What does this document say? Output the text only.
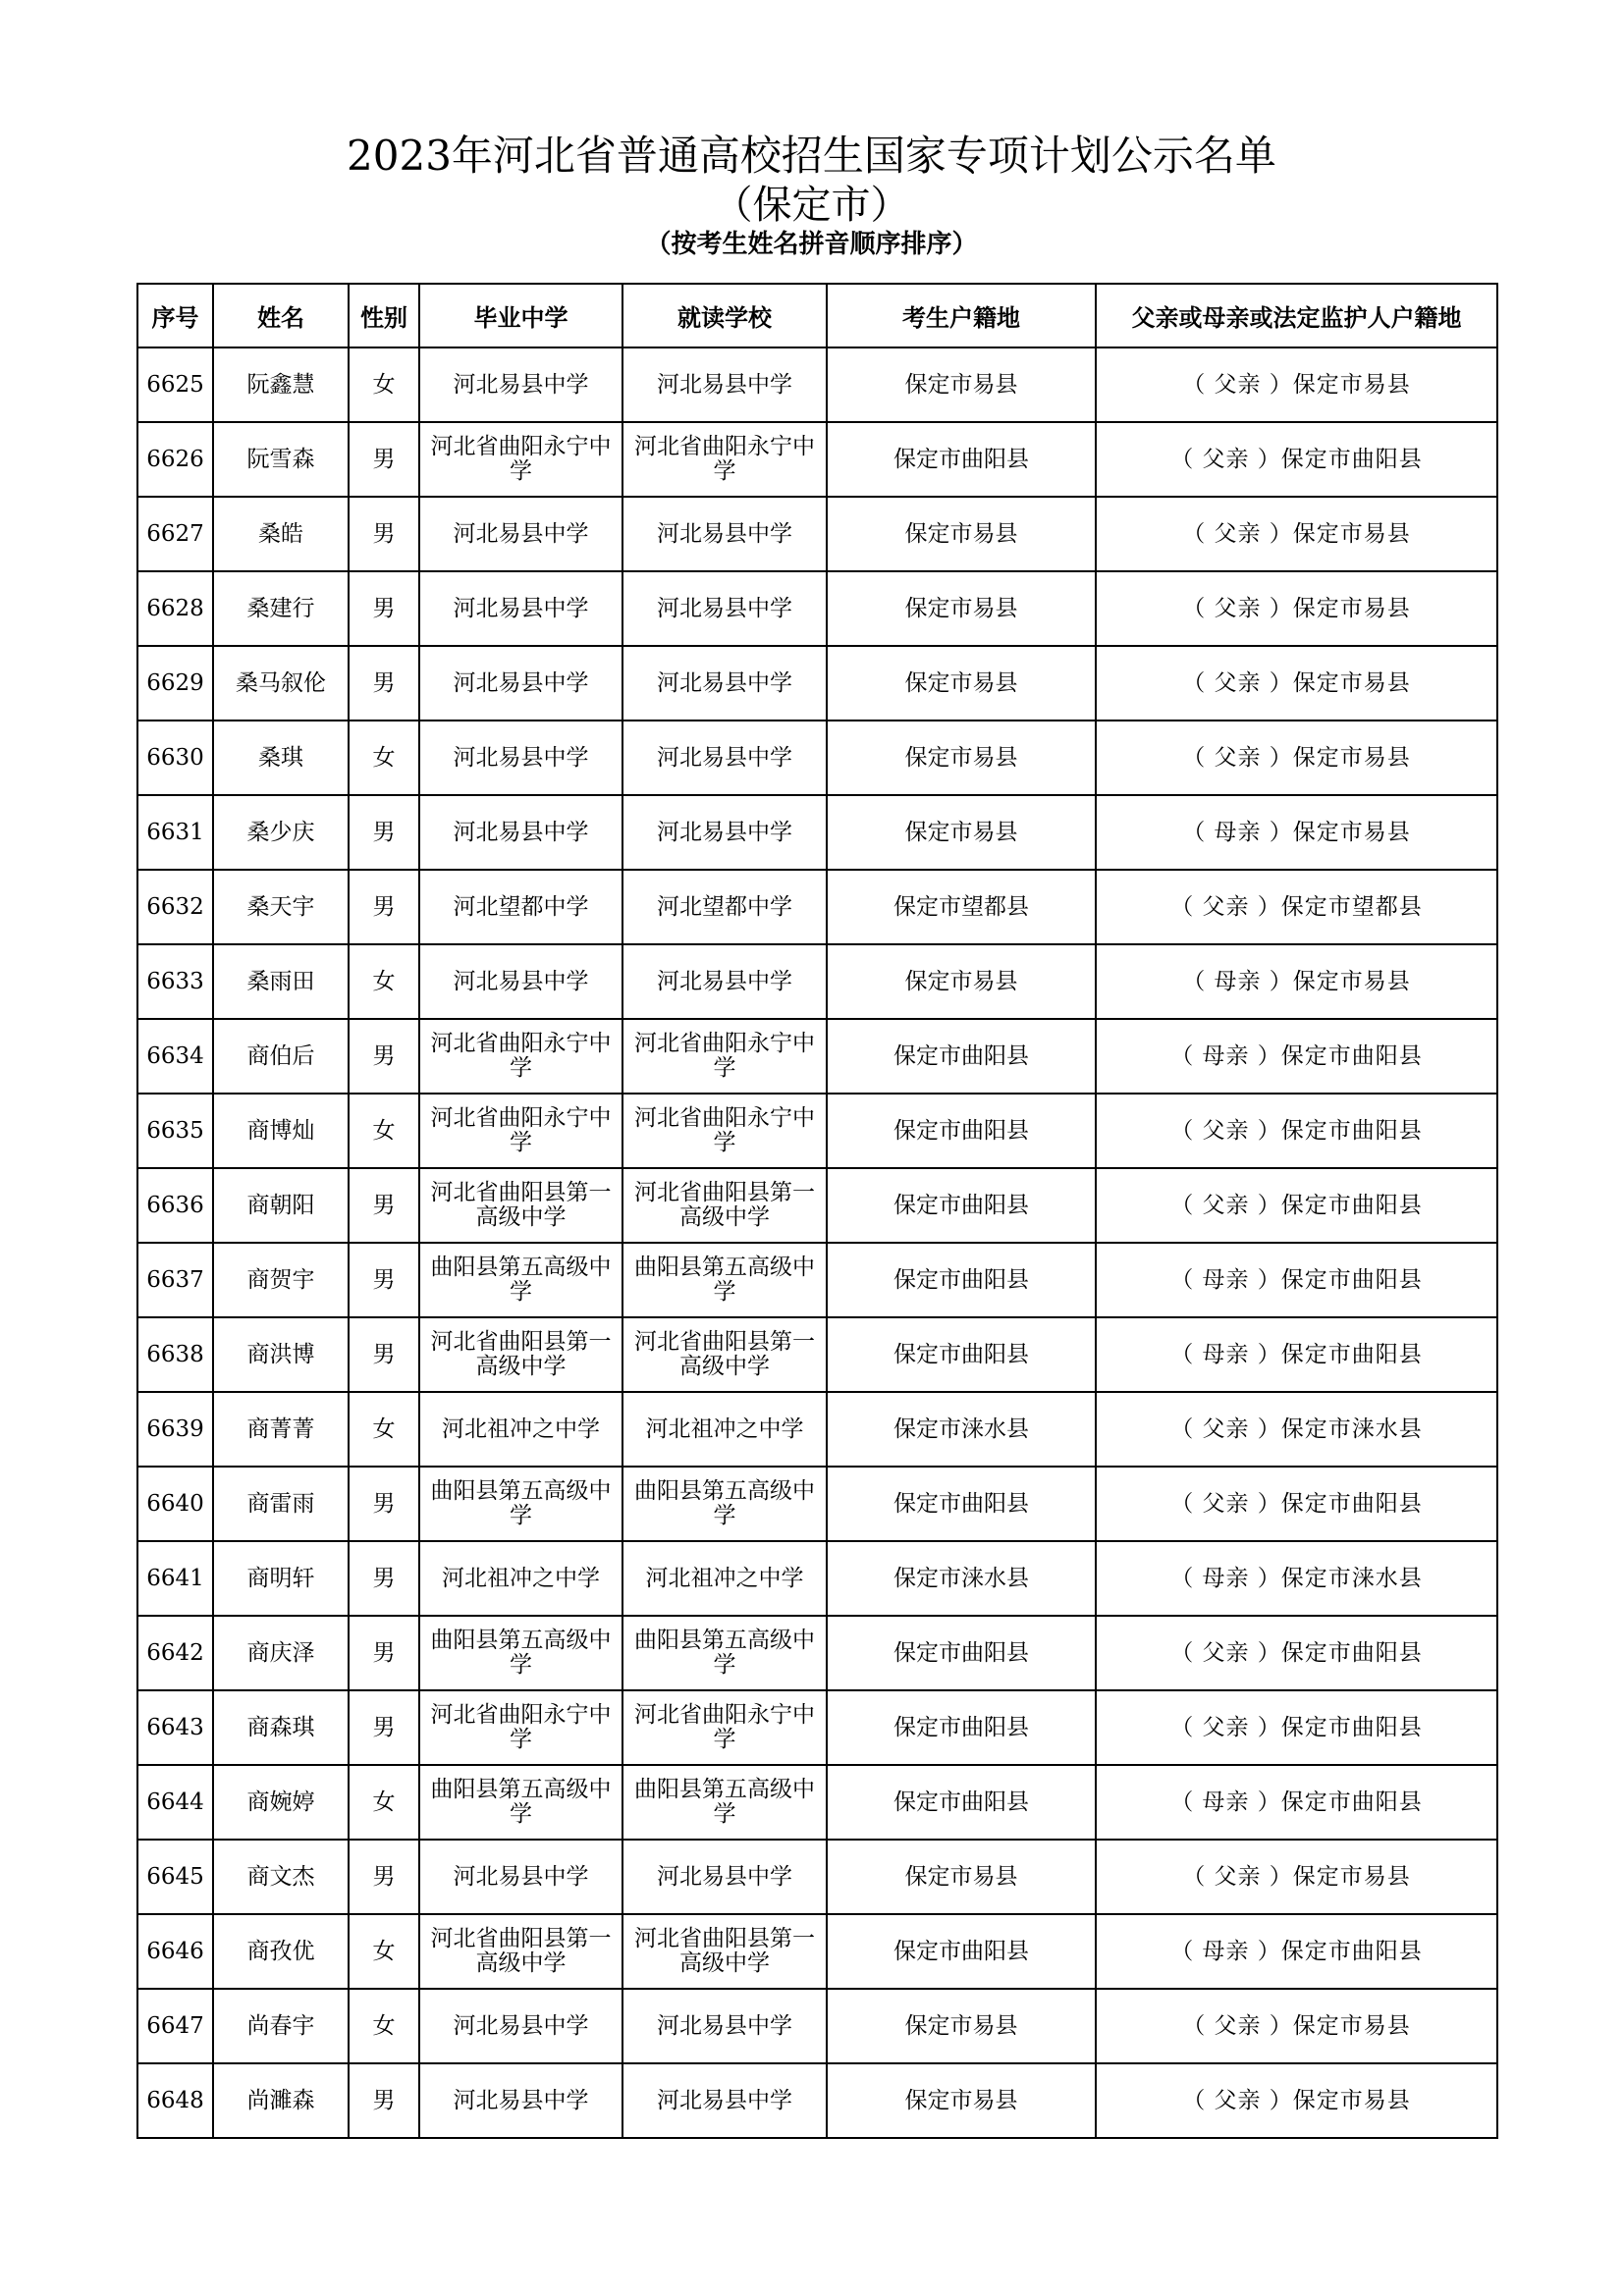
2023年河北省普通高校招生国家专项计划公示名单
（保定市）
（按考生姓名拼音顺序排序）
序号	姓名	性别	毕业中学	就读学校	考生户籍地	父亲或母亲或法定监护人户籍地
6625	阮鑫慧	女	河北易县中学	河北易县中学	保定市易县	（ 父亲 ）保定市易县
6626	阮雪森	男	河北省曲阳永宁中学	河北省曲阳永宁中学	保定市曲阳县	（ 父亲 ）保定市曲阳县
6627	桑皓	男	河北易县中学	河北易县中学	保定市易县	（ 父亲 ）保定市易县
6628	桑建行	男	河北易县中学	河北易县中学	保定市易县	（ 父亲 ）保定市易县
6629	桑马叙伦	男	河北易县中学	河北易县中学	保定市易县	（ 父亲 ）保定市易县
6630	桑琪	女	河北易县中学	河北易县中学	保定市易县	（ 父亲 ）保定市易县
6631	桑少庆	男	河北易县中学	河北易县中学	保定市易县	（ 母亲 ）保定市易县
6632	桑天宇	男	河北望都中学	河北望都中学	保定市望都县	（ 父亲 ）保定市望都县
6633	桑雨田	女	河北易县中学	河北易县中学	保定市易县	（ 母亲 ）保定市易县
6634	商伯后	男	河北省曲阳永宁中学	河北省曲阳永宁中学	保定市曲阳县	（ 母亲 ）保定市曲阳县
6635	商博灿	女	河北省曲阳永宁中学	河北省曲阳永宁中学	保定市曲阳县	（ 父亲 ）保定市曲阳县
6636	商朝阳	男	河北省曲阳县第一高级中学	河北省曲阳县第一高级中学	保定市曲阳县	（ 父亲 ）保定市曲阳县
6637	商贺宇	男	曲阳县第五高级中学	曲阳县第五高级中学	保定市曲阳县	（ 母亲 ）保定市曲阳县
6638	商洪博	男	河北省曲阳县第一高级中学	河北省曲阳县第一高级中学	保定市曲阳县	（ 母亲 ）保定市曲阳县
6639	商菁菁	女	河北祖冲之中学	河北祖冲之中学	保定市涞水县	（ 父亲 ）保定市涞水县
6640	商雷雨	男	曲阳县第五高级中学	曲阳县第五高级中学	保定市曲阳县	（ 父亲 ）保定市曲阳县
6641	商明轩	男	河北祖冲之中学	河北祖冲之中学	保定市涞水县	（ 母亲 ）保定市涞水县
6642	商庆泽	男	曲阳县第五高级中学	曲阳县第五高级中学	保定市曲阳县	（ 父亲 ）保定市曲阳县
6643	商森琪	男	河北省曲阳永宁中学	河北省曲阳永宁中学	保定市曲阳县	（ 父亲 ）保定市曲阳县
6644	商婉婷	女	曲阳县第五高级中学	曲阳县第五高级中学	保定市曲阳县	（ 母亲 ）保定市曲阳县
6645	商文杰	男	河北易县中学	河北易县中学	保定市易县	（ 父亲 ）保定市易县
6646	商孜优	女	河北省曲阳县第一高级中学	河北省曲阳县第一高级中学	保定市曲阳县	（ 母亲 ）保定市曲阳县
6647	尚春宇	女	河北易县中学	河北易县中学	保定市易县	（ 父亲 ）保定市易县
6648	尚濉森	男	河北易县中学	河北易县中学	保定市易县	（ 父亲 ）保定市易县
